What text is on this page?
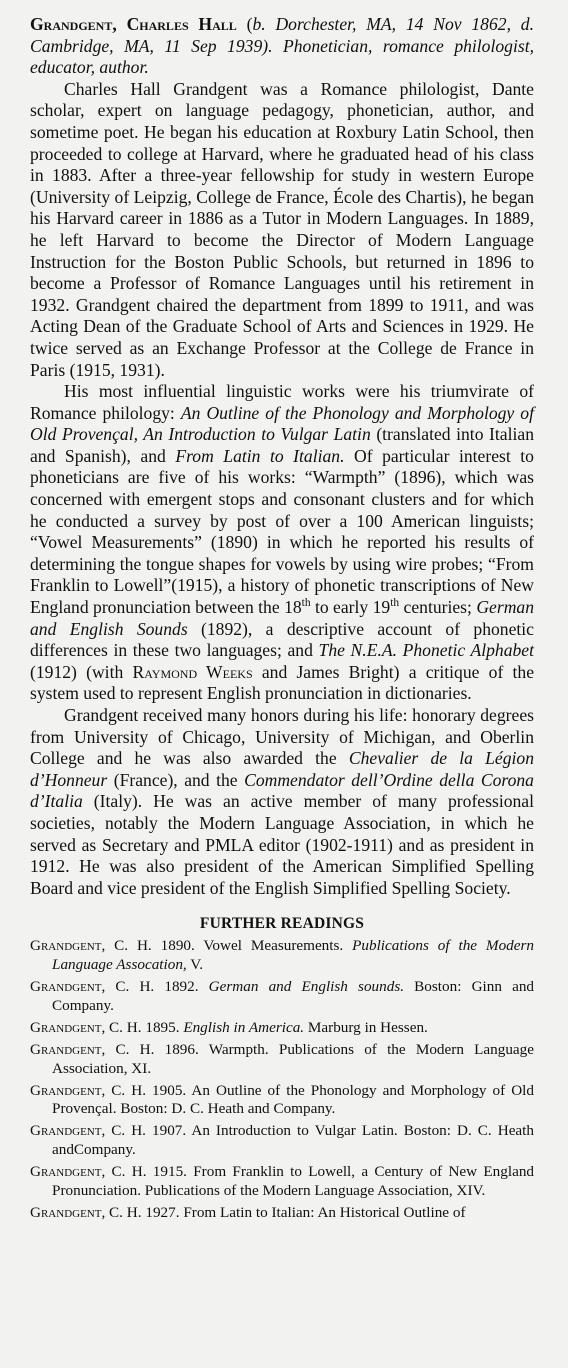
Grandgent, Charles Hall (b. Dorchester, MA, 14 Nov 1862, d. Cambridge, MA, 11 Sep 1939). Phonetician, romance philologist, educator, author.

Charles Hall Grandgent was a Romance philologist, Dante scholar, expert on language pedagogy, phonetician, author, and sometime poet. He began his education at Roxbury Latin School, then proceeded to college at Harvard, where he graduated head of his class in 1883. After a three-year fellowship for study in western Europe (University of Leipzig, College de France, École des Chartis), he began his Harvard career in 1886 as a Tutor in Modern Languages. In 1889, he left Harvard to become the Director of Modern Language Instruction for the Boston Public Schools, but returned in 1896 to become a Professor of Romance Languages until his retirement in 1932. Grandgent chaired the department from 1899 to 1911, and was Acting Dean of the Graduate School of Arts and Sciences in 1929. He twice served as an Exchange Professor at the College de France in Paris (1915, 1931).

His most influential linguistic works were his triumvirate of Romance philology: An Outline of the Phonology and Morphology of Old Provençal, An Introduction to Vulgar Latin (translated into Italian and Spanish), and From Latin to Italian. Of particular interest to phoneticians are five of his works: “Warmpth” (1896), which was concerned with emergent stops and consonant clusters and for which he conducted a survey by post of over a 100 American linguists; “Vowel Measurements” (1890) in which he reported his results of determining the tongue shapes for vowels by using wire probes; “From Franklin to Lowell”(1915), a history of phonetic transcriptions of New England pronunciation between the 18th to early 19th centuries; German and English Sounds (1892), a descriptive account of phonetic differences in these two languages; and The N.E.A. Phonetic Alphabet (1912) (with Raymond Weeks and James Bright) a critique of the system used to represent English pronunciation in dictionaries.

Grandgent received many honors during his life: honorary degrees from University of Chicago, University of Michigan, and Oberlin College and he was also awarded the Chevalier de la Légion d’Honneur (France), and the Commendator dell’Ordine della Corona d’Italia (Italy). He was an active member of many professional societies, notably the Modern Language Association, in which he served as Secretary and PMLA editor (1902-1911) and as president in 1912. He was also president of the American Simplified Spelling Board and vice president of the English Simplified Spelling Society.

FURTHER READINGS

Grandgent, C. H. 1890. Vowel Measurements. Publications of the Modern Language Assocation, V.

Grandgent, C. H. 1892. German and English sounds. Boston: Ginn and Company.

Grandgent, C. H. 1895. English in America. Marburg in Hessen.

Grandgent, C. H. 1896. Warmpth. Publications of the Modern Language Association, XI.

Grandgent, C. H. 1905. An Outline of the Phonology and Morphology of Old Provençal. Boston: D. C. Heath and Company.

Grandgent, C. H. 1907. An Introduction to Vulgar Latin. Boston: D. C. Heath andCompany.

Grandgent, C. H. 1915. From Franklin to Lowell, a Century of New England Pronunciation. Publications of the Modern Language Association, XIV.

Grandgent, C. H. 1927. From Latin to Italian: An Historical Outline of
